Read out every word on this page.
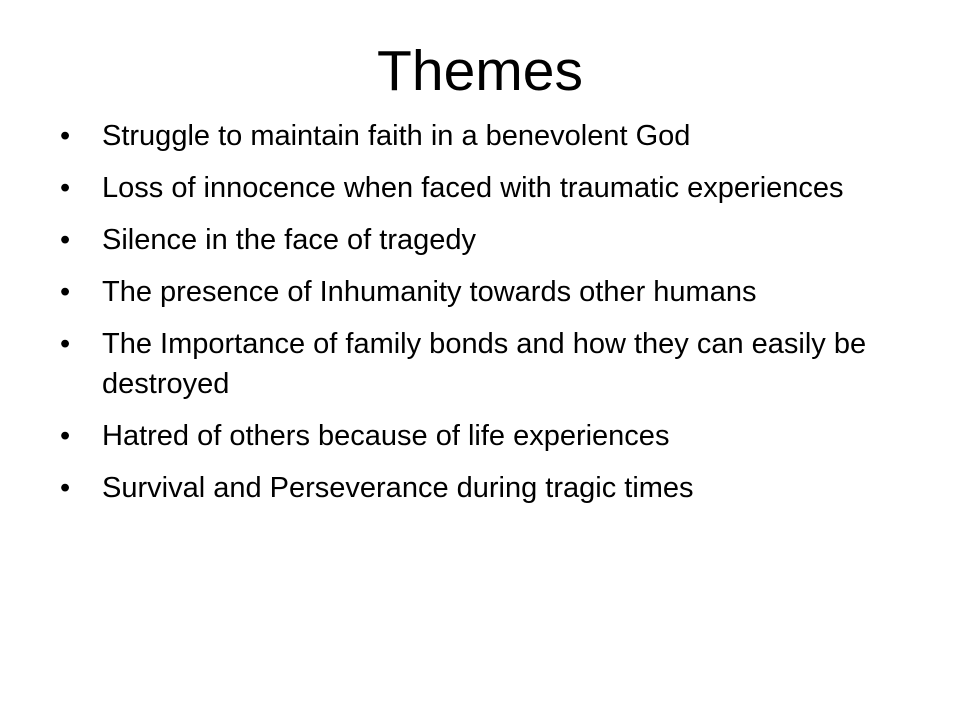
Themes
•	Struggle to maintain faith in a benevolent God
•	Loss of innocence when faced with traumatic experiences
•	Silence in the face of tragedy
•	The presence of Inhumanity towards other humans
•	The Importance of family bonds and how they can easily be destroyed
•	Hatred of others because of life experiences
•	Survival and Perseverance during tragic times
